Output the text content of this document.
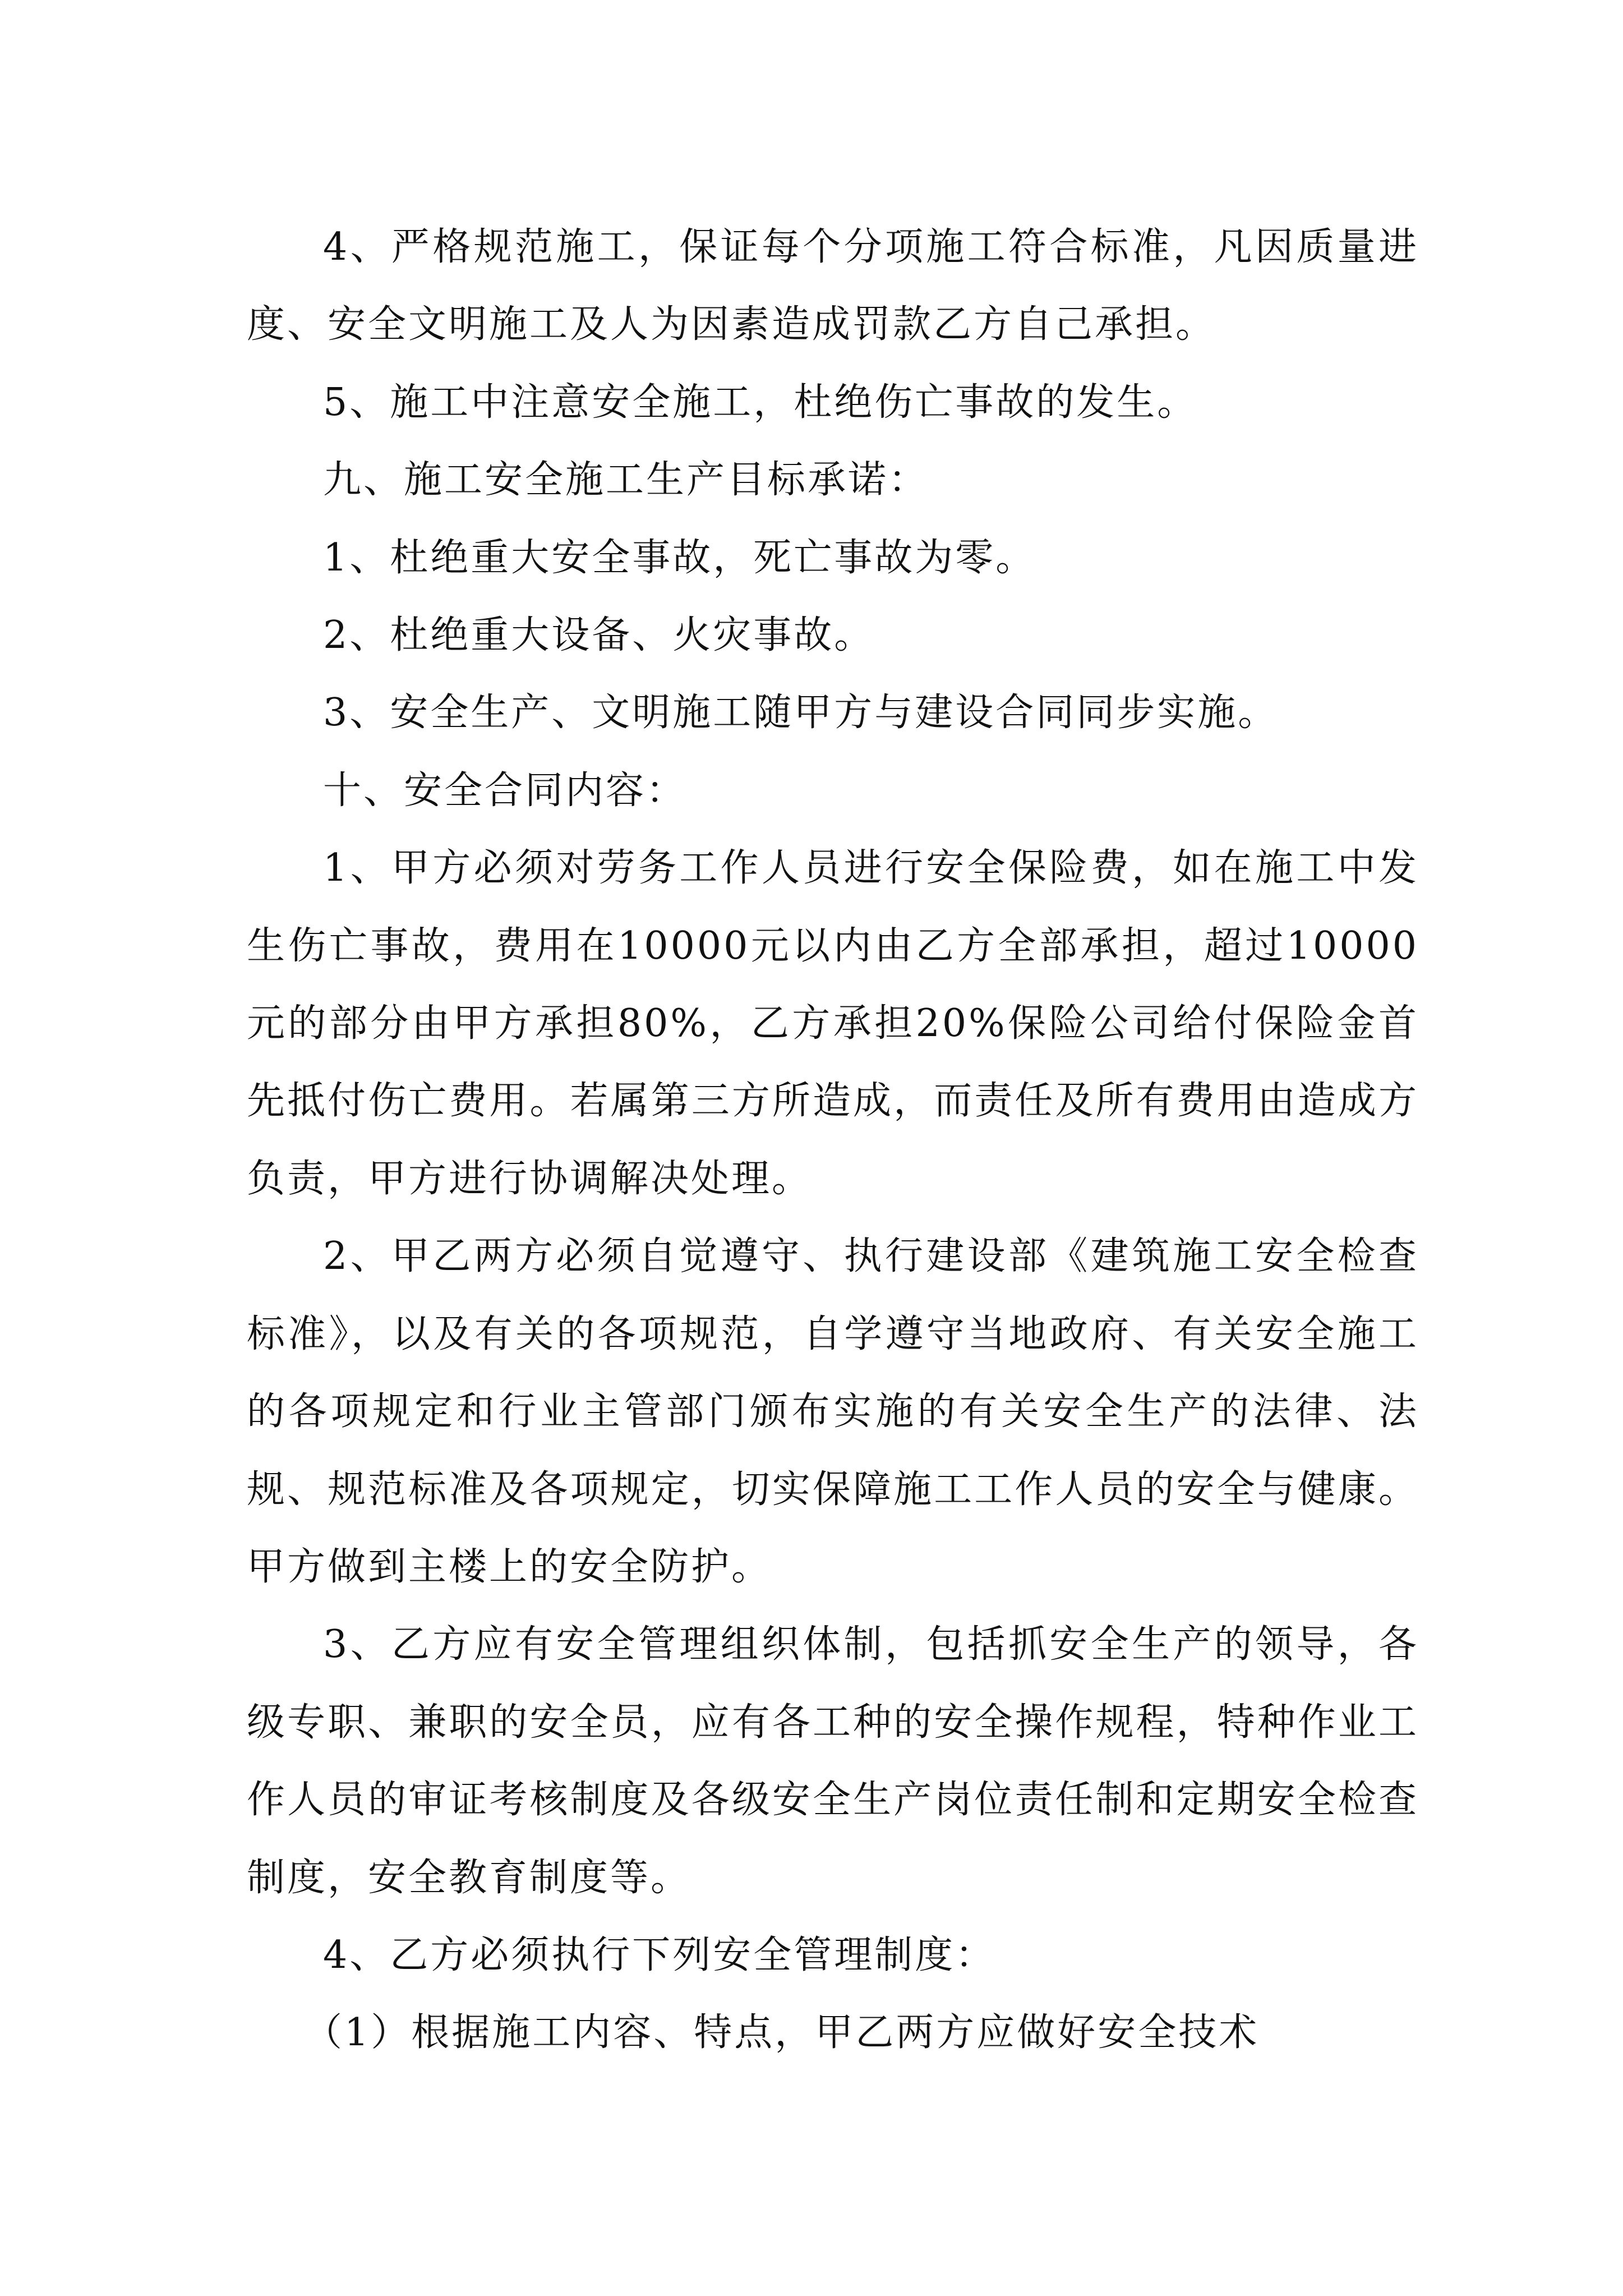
4、严格规范施工，保证每个分项施工符合标准，凡因质量进度、安全文明施工及人为因素造成罚款乙方自己承担。

5、施工中注意安全施工，杜绝伤亡事故的发生。

九、施工安全施工生产目标承诺：

1、杜绝重大安全事故，死亡事故为零。

2、杜绝重大设备、火灾事故。

3、安全生产、文明施工随甲方与建设合同同步实施。

十、安全合同内容：

1、甲方必须对劳务工作人员进行安全保险费，如在施工中发生伤亡事故，费用在10000元以内由乙方全部承担，超过10000元的部分由甲方承担80%，乙方承担20%保险公司给付保险金首先抵付伤亡费用。若属第三方所造成，而责任及所有费用由造成方负责，甲方进行协调解决处理。

2、甲乙两方必须自觉遵守、执行建设部《建筑施工安全检查标准》，以及有关的各项规范，自学遵守当地政府、有关安全施工的各项规定和行业主管部门颁布实施的有关安全生产的法律、法规、规范标准及各项规定，切实保障施工工作人员的安全与健康。甲方做到主楼上的安全防护。

3、乙方应有安全管理组织体制，包括抓安全生产的领导，各级专职、兼职的安全员，应有各工种的安全操作规程，特种作业工作人员的审证考核制度及各级安全生产岗位责任制和定期安全检查制度，安全教育制度等。

4、乙方必须执行下列安全管理制度：

（1）根据施工内容、特点，甲乙两方应做好安全技术
